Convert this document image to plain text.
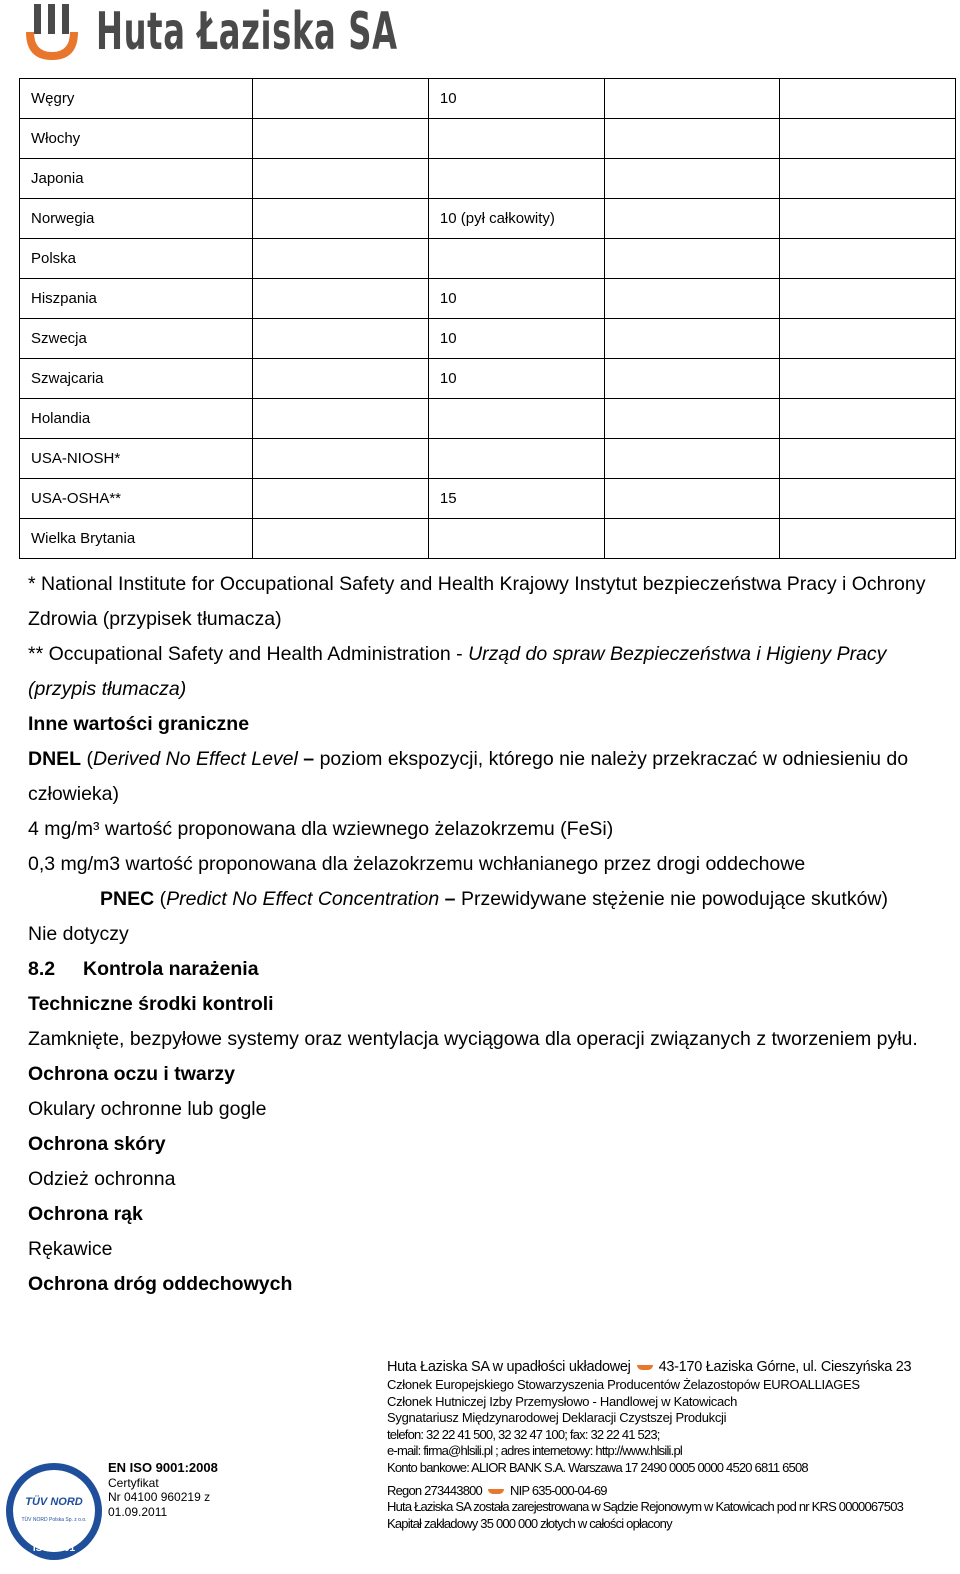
Huta Łaziska SA
Węgry		10		
Włochy				
Japonia				
Norwegia		10 (pył całkowity)		
Polska				
Hiszpania		10		
Szwecja		10		
Szwajcaria		10		
Holandia				
USA-NIOSH*				
USA-OSHA**		15		
Wielka Brytania				

* National Institute for Occupational Safety and Health Krajowy Instytut bezpieczeństwa Pracy i Ochrony Zdrowia (przypisek tłumacza)

** Occupational Safety and Health Administration - Urząd do spraw Bezpieczeństwa i Higieny Pracy (przypis tłumacza)

Inne wartości graniczne

DNEL (Derived No Effect Level – poziom ekspozycji, którego nie należy przekraczać w odniesieniu do człowieka)

4 mg/m³ wartość proponowana dla wziewnego żelazokrzemu (FeSi)

0,3 mg/m3 wartość proponowana dla żelazokrzemu wchłanianego przez drogi oddechowe

PNEC (Predict No Effect Concentration – Przewidywane stężenie nie powodujące skutków)

Nie dotyczy

8.2 Kontrola narażenia

Techniczne środki kontroli

Zamknięte, bezpyłowe systemy oraz wentylacja wyciągowa dla operacji związanych z tworzeniem pyłu.

Ochrona oczu i twarzy

Okulary ochronne lub gogle

Ochrona skóry

Odzież ochronna

Ochrona rąk

Rękawice

Ochrona dróg oddechowych

TÜV NORD
TÜV NORD Polska Sp. z o.o.
ISO 9001
EN ISO 9001:2008
Certyfikat
Nr 04100 960219 z
01.09.2011

Huta Łaziska SA w upadłości układowej 43-170 Łaziska Górne, ul. Cieszyńska 23

Członek Europejskiego Stowarzyszenia Producentów Żelazostopów EUROALLIAGES

Członek Hutniczej Izby Przemysłowo - Handlowej w Katowicach

Sygnatariusz Międzynarodowej Deklaracji Czystszej Produkcji

telefon: 32 22 41 500, 32 32 47 100; fax: 32 22 41 523;

e-mail: firma@hlsili.pl ; adres internetowy: http://www.hlsili.pl

Konto bankowe: ALIOR BANK S.A. Warszawa 17 2490 0005 0000 4520 6811 6508

Regon 273443800 NIP 635-000-04-69

Huta Łaziska SA została zarejestrowana w Sądzie Rejonowym w Katowicach pod nr KRS 0000067503

Kapitał zakładowy 35 000 000 złotych w całości opłacony
